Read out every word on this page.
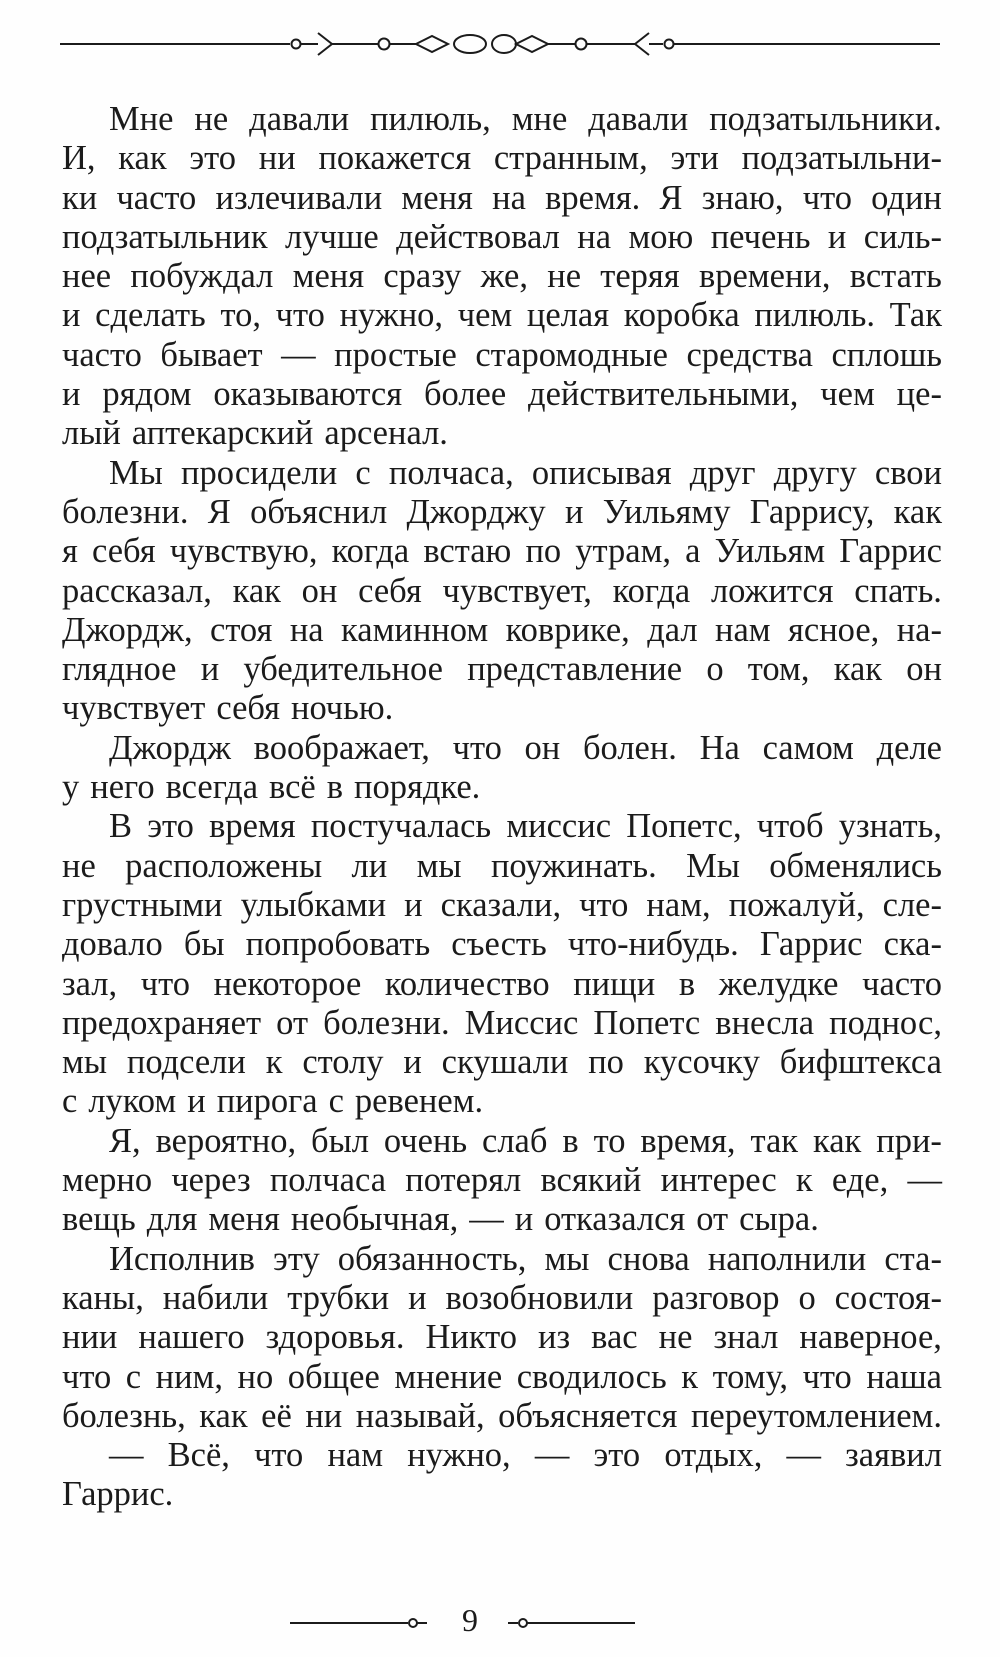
Мне не давали пилюль, мне давали подзатыльники.
И, как это ни покажется странным, эти подзатыльни-
ки часто излечивали меня на время. Я знаю, что один
подзатыльник лучше действовал на мою печень и силь-
нее побуждал меня сразу же, не теряя времени, встать
и сделать то, что нужно, чем целая коробка пилюль. Так
часто бывает — простые старомодные средства сплошь
и рядом оказываются более действительными, чем це-
лый аптекарский арсенал.
Мы просидели с полчаса, описывая друг другу свои
болезни. Я объяснил Джорджу и Уильяму Гаррису, как
я себя чувствую, когда встаю по утрам, а Уильям Гаррис
рассказал, как он себя чувствует, когда ложится спать.
Джордж, стоя на каминном коврике, дал нам ясное, на-
глядное и убедительное представление о том, как он
чувствует себя ночью.
Джордж воображает, что он болен. На самом деле
у него всегда всё в порядке.
В это время постучалась миссис Попетс, чтоб узнать,
не расположены ли мы поужинать. Мы обменялись
грустными улыбками и сказали, что нам, пожалуй, сле-
довало бы попробовать съесть что-нибудь. Гаррис ска-
зал, что некоторое количество пищи в желудке часто
предохраняет от болезни. Миссис Попетс внесла поднос,
мы подсели к столу и скушали по кусочку бифштекса
с луком и пирога с ревенем.
Я, вероятно, был очень слаб в то время, так как при-
мерно через полчаса потерял всякий интерес к еде, —
вещь для меня необычная, — и отказался от сыра.
Исполнив эту обязанность, мы снова наполнили ста-
каны, набили трубки и возобновили разговор о состоя-
нии нашего здоровья. Никто из вас не знал наверное,
что с ним, но общее мнение сводилось к тому, что наша
болезнь, как её ни называй, объясняется переутомлением.
— Всё, что нам нужно, — это отдых, — заявил
Гаррис.
9
